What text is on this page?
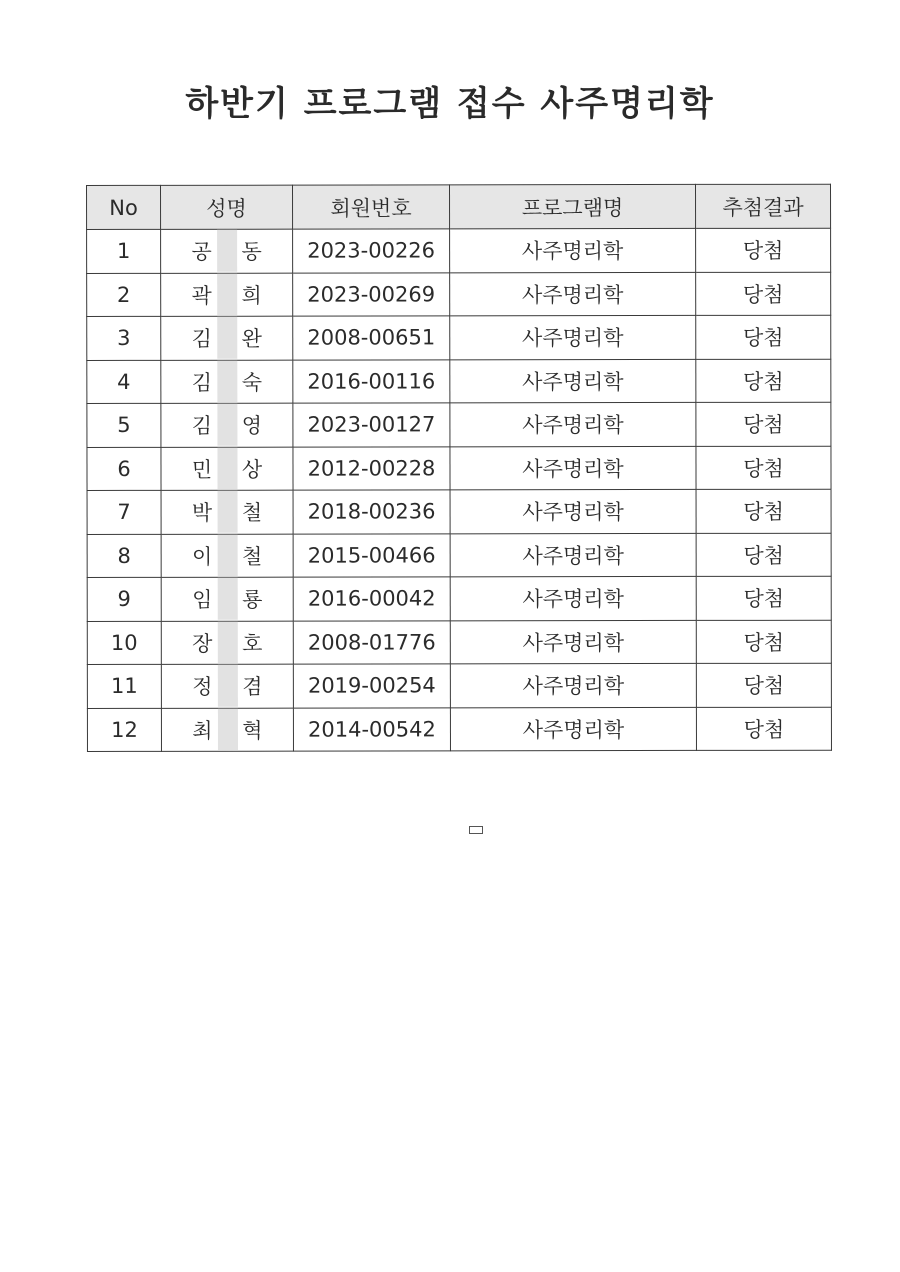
하반기 프로그램 접수 사주명리학
No	성명	회원번호	프로그램명	추첨결과
1	공 동	2023-00226	사주명리학	당첨
2	곽 희	2023-00269	사주명리학	당첨
3	김 완	2008-00651	사주명리학	당첨
4	김 숙	2016-00116	사주명리학	당첨
5	김 영	2023-00127	사주명리학	당첨
6	민 상	2012-00228	사주명리학	당첨
7	박 철	2018-00236	사주명리학	당첨
8	이 철	2015-00466	사주명리학	당첨
9	임 룡	2016-00042	사주명리학	당첨
10	장 호	2008-01776	사주명리학	당첨
11	정 겸	2019-00254	사주명리학	당첨
12	최 혁	2014-00542	사주명리학	당첨
